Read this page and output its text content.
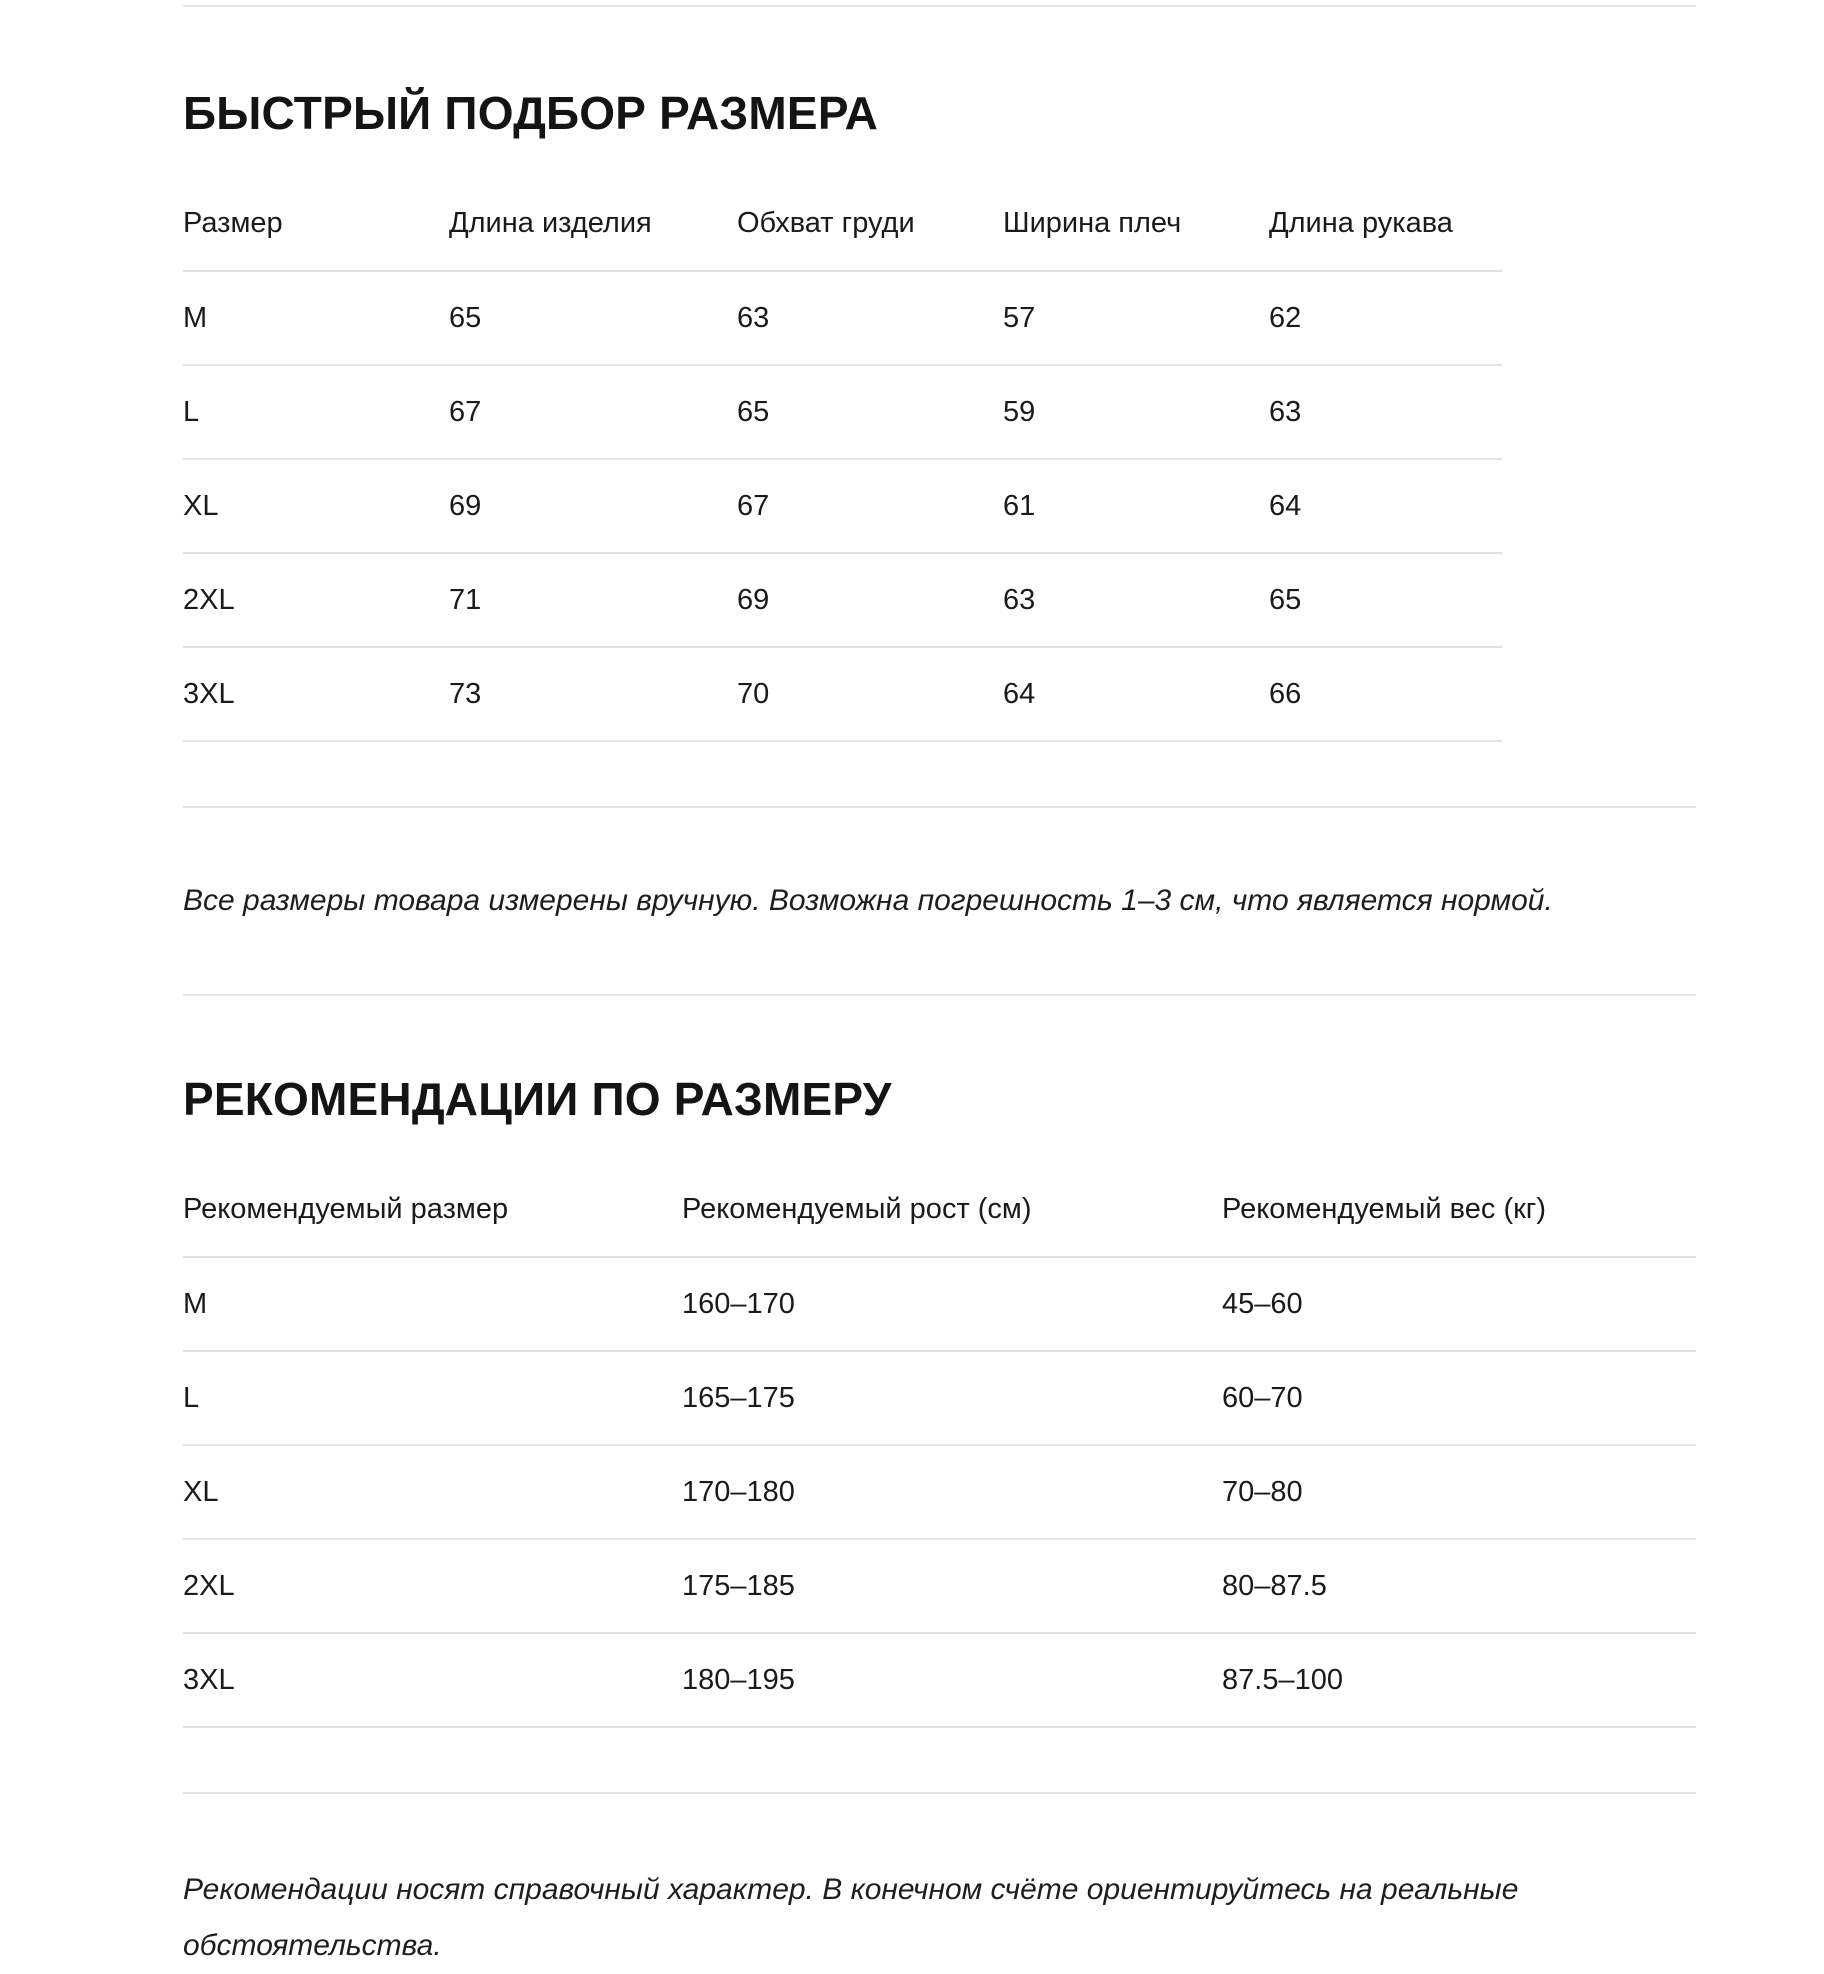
БЫСТРЫЙ ПОДБОР РАЗМЕРА
Размер	Длина изделия	Обхват груди	Ширина плеч	Длина рукава
M	65	63	57	62
L	67	65	59	63
XL	69	67	61	64
2XL	71	69	63	65
3XL	73	70	64	66

Все размеры товара измерены вручную. Возможна погрешность 1–3 см, что является нормой.

РЕКОМЕНДАЦИИ ПО РАЗМЕРУ
Рекомендуемый размер	Рекомендуемый рост (см)	Рекомендуемый вес (кг)
M	160–170	45–60
L	165–175	60–70
XL	170–180	70–80
2XL	175–185	80–87.5
3XL	180–195	87.5–100

Рекомендации носят справочный характер. В конечном счёте ориентируйтесь на реальные обстоятельства.
